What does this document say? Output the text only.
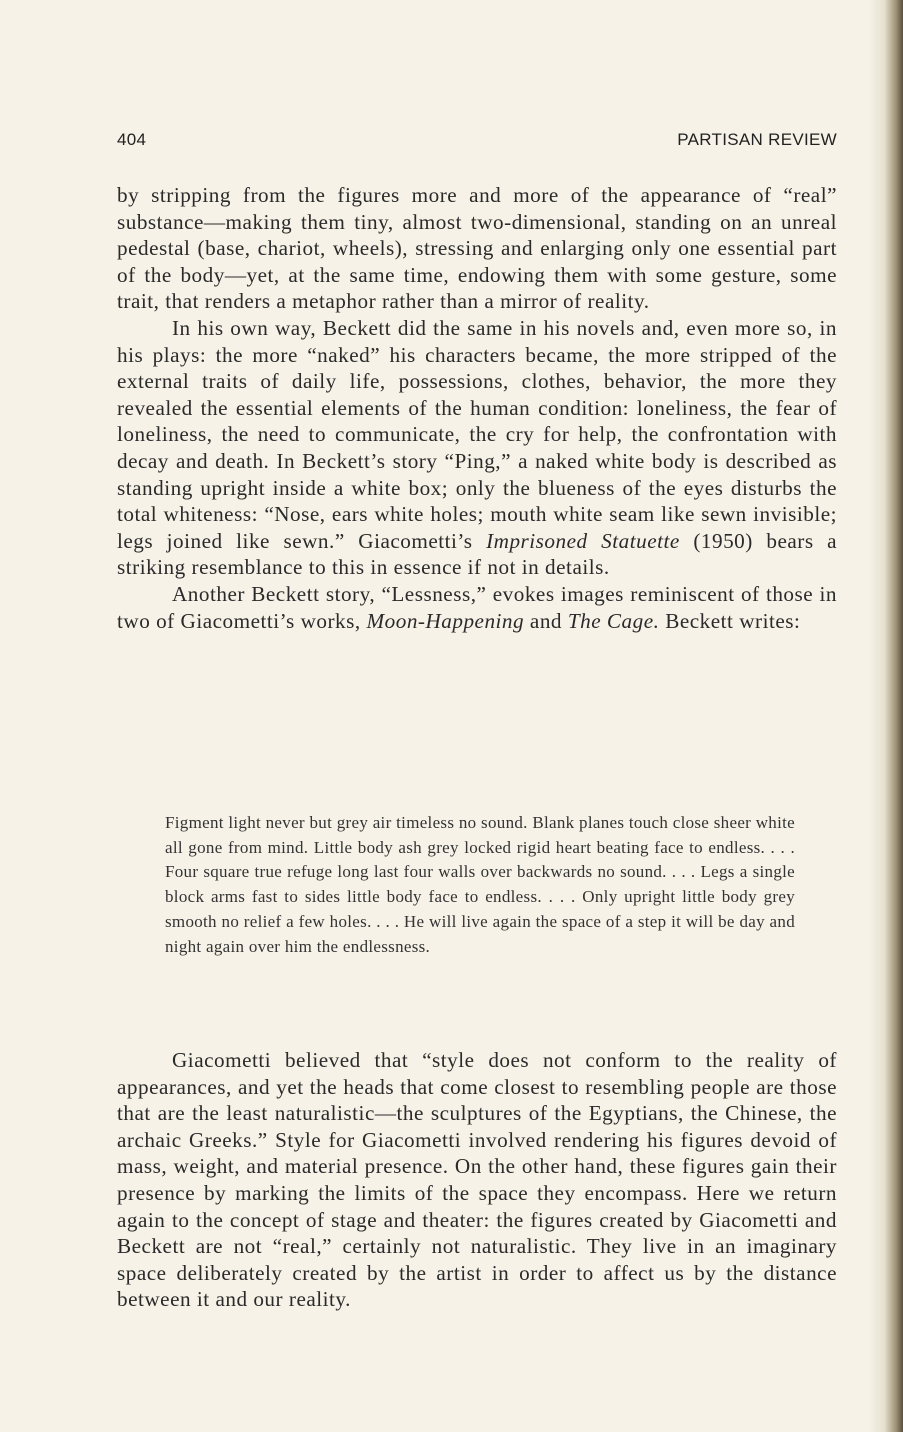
404	PARTISAN REVIEW

by stripping from the figures more and more of the appearance of “real” substance—making them tiny, almost two-dimensional, standing on an unreal pedestal (base, chariot, wheels), stressing and enlarging only one essential part of the body—yet, at the same time, endowing them with some gesture, some trait, that renders a metaphor rather than a mirror of reality.

In his own way, Beckett did the same in his novels and, even more so, in his plays: the more “naked” his characters became, the more stripped of the external traits of daily life, possessions, clothes, behavior, the more they revealed the essential elements of the human condition: loneliness, the fear of loneliness, the need to communicate, the cry for help, the confrontation with decay and death. In Beckett’s story “Ping,” a naked white body is described as standing upright inside a white box; only the blueness of the eyes disturbs the total whiteness: “Nose, ears white holes; mouth white seam like sewn invisible; legs joined like sewn.” Giacometti’s Imprisoned Statuette (1950) bears a striking resemblance to this in essence if not in details.

Another Beckett story, “Lessness,” evokes images reminiscent of those in two of Giacometti’s works, Moon-Happening and The Cage. Beckett writes:

Figment light never but grey air timeless no sound. Blank planes touch close sheer white all gone from mind. Little body ash grey locked rigid heart beating face to endless. . . . Four square true refuge long last four walls over backwards no sound. . . . Legs a single block arms fast to sides little body face to endless. . . . Only upright little body grey smooth no relief a few holes. . . . He will live again the space of a step it will be day and night again over him the endlessness.

Giacometti believed that “style does not conform to the reality of appearances, and yet the heads that come closest to resembling people are those that are the least naturalistic—the sculptures of the Egyptians, the Chinese, the archaic Greeks.” Style for Giacometti involved rendering his figures devoid of mass, weight, and material presence. On the other hand, these figures gain their presence by marking the limits of the space they encompass. Here we return again to the concept of stage and theater: the figures created by Giacometti and Beckett are not “real,” certainly not naturalistic. They live in an imaginary space deliberately created by the artist in order to affect us by the distance between it and our reality.
